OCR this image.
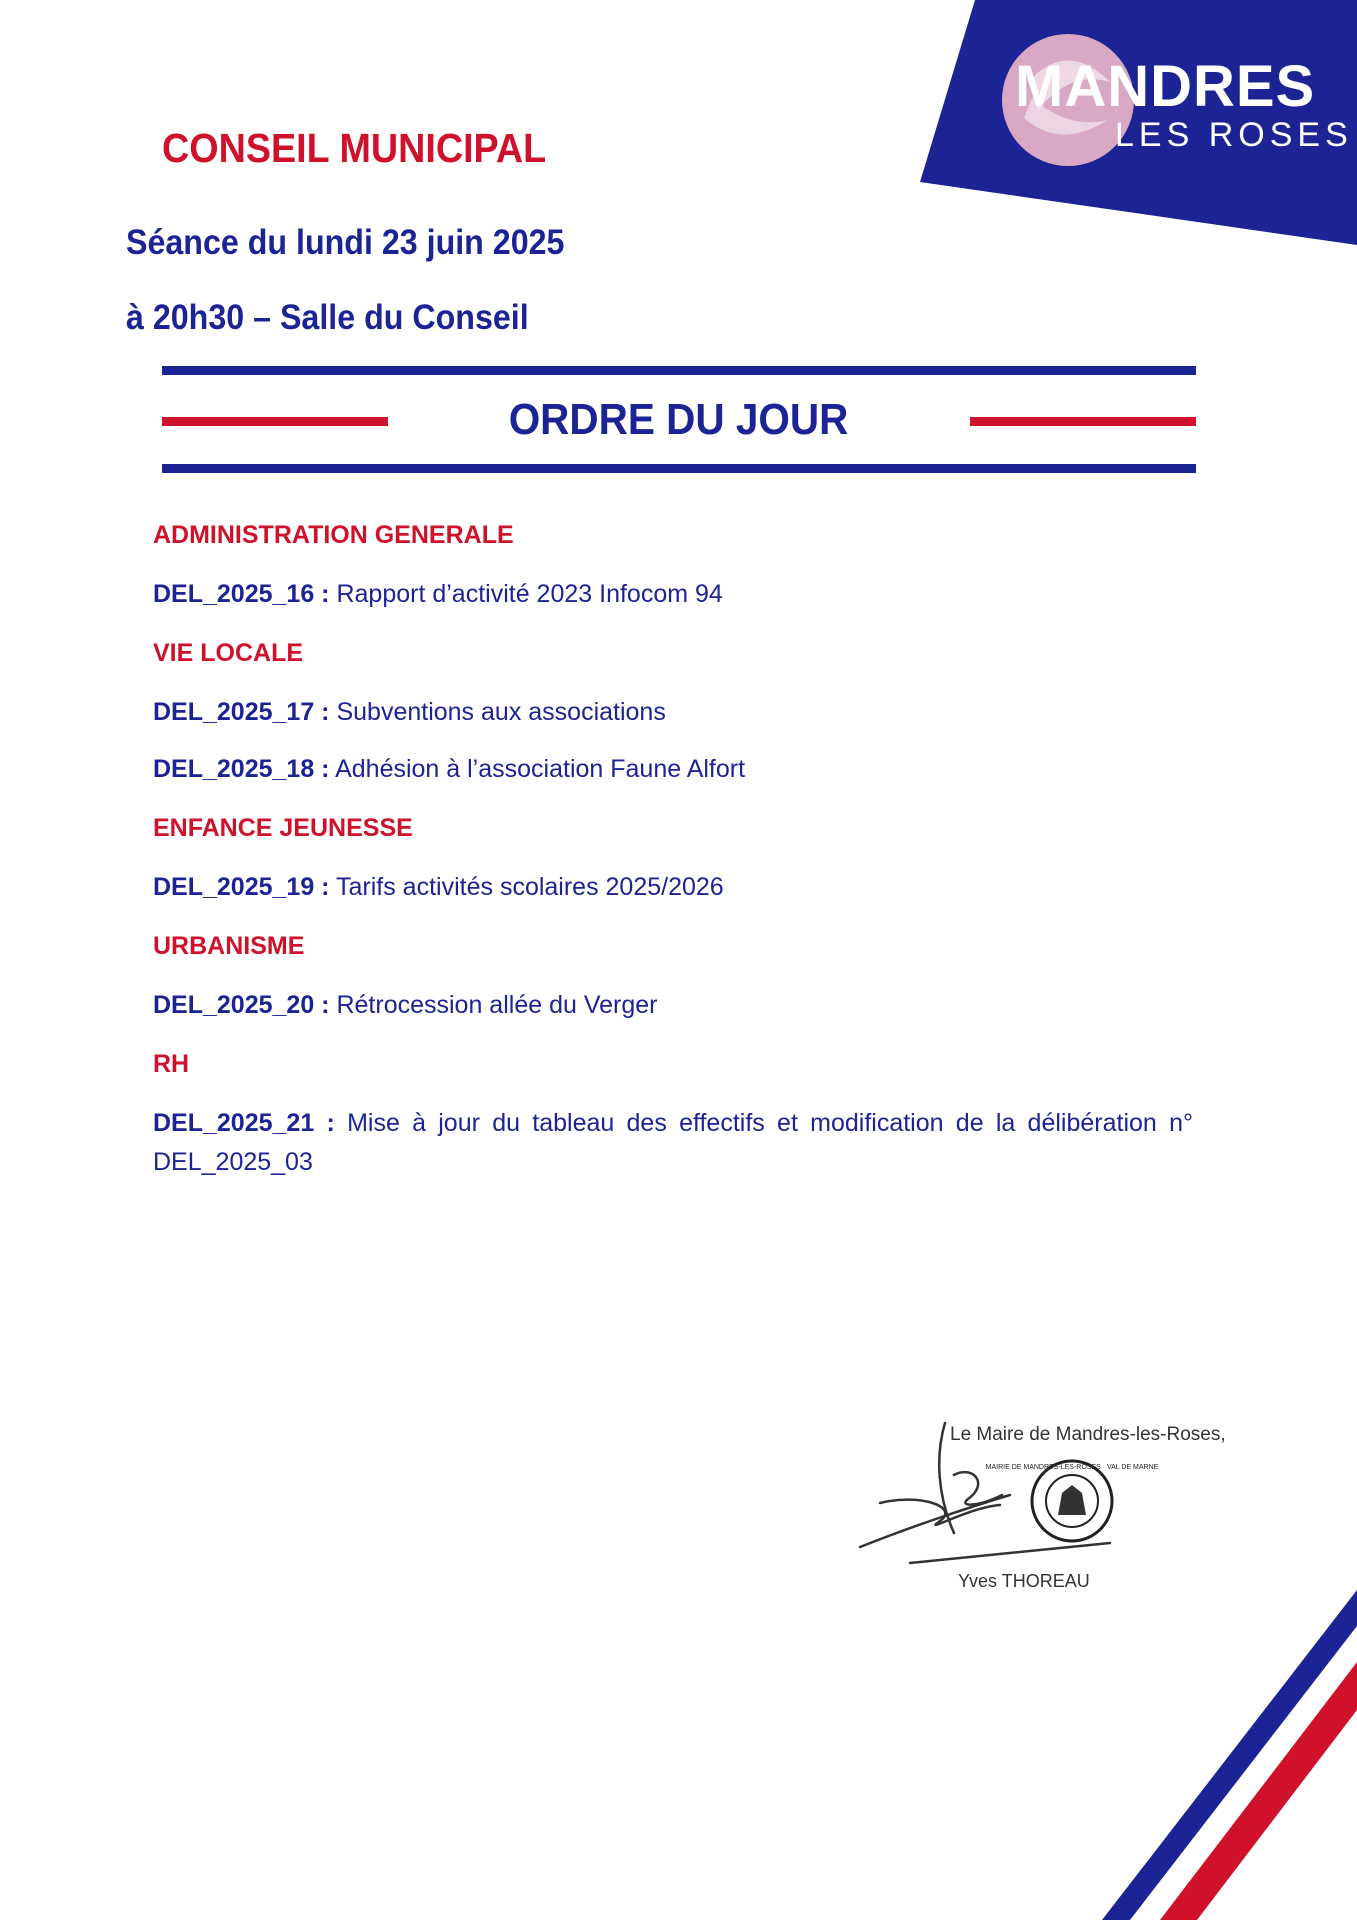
MANDRES
LES ROSES
CONSEIL MUNICIPAL
Séance du lundi 23 juin 2025
à 20h30 – Salle du Conseil
ORDRE DU JOUR
ADMINISTRATION GENERALE
DEL_2025_16 : Rapport d’activité 2023 Infocom 94
VIE LOCALE
DEL_2025_17 : Subventions aux associations
DEL_2025_18 : Adhésion à l’association Faune Alfort
ENFANCE JEUNESSE
DEL_2025_19 : Tarifs activités scolaires 2025/2026
URBANISME
DEL_2025_20 : Rétrocession allée du Verger
RH
DEL_2025_21 : Mise à jour du tableau des effectifs et modification de la délibération n°
DEL_2025_03
Le Maire de Mandres-les-Roses,
MAIRIE DE MANDRES-LES-ROSES · VAL DE MARNE
Yves THOREAU
